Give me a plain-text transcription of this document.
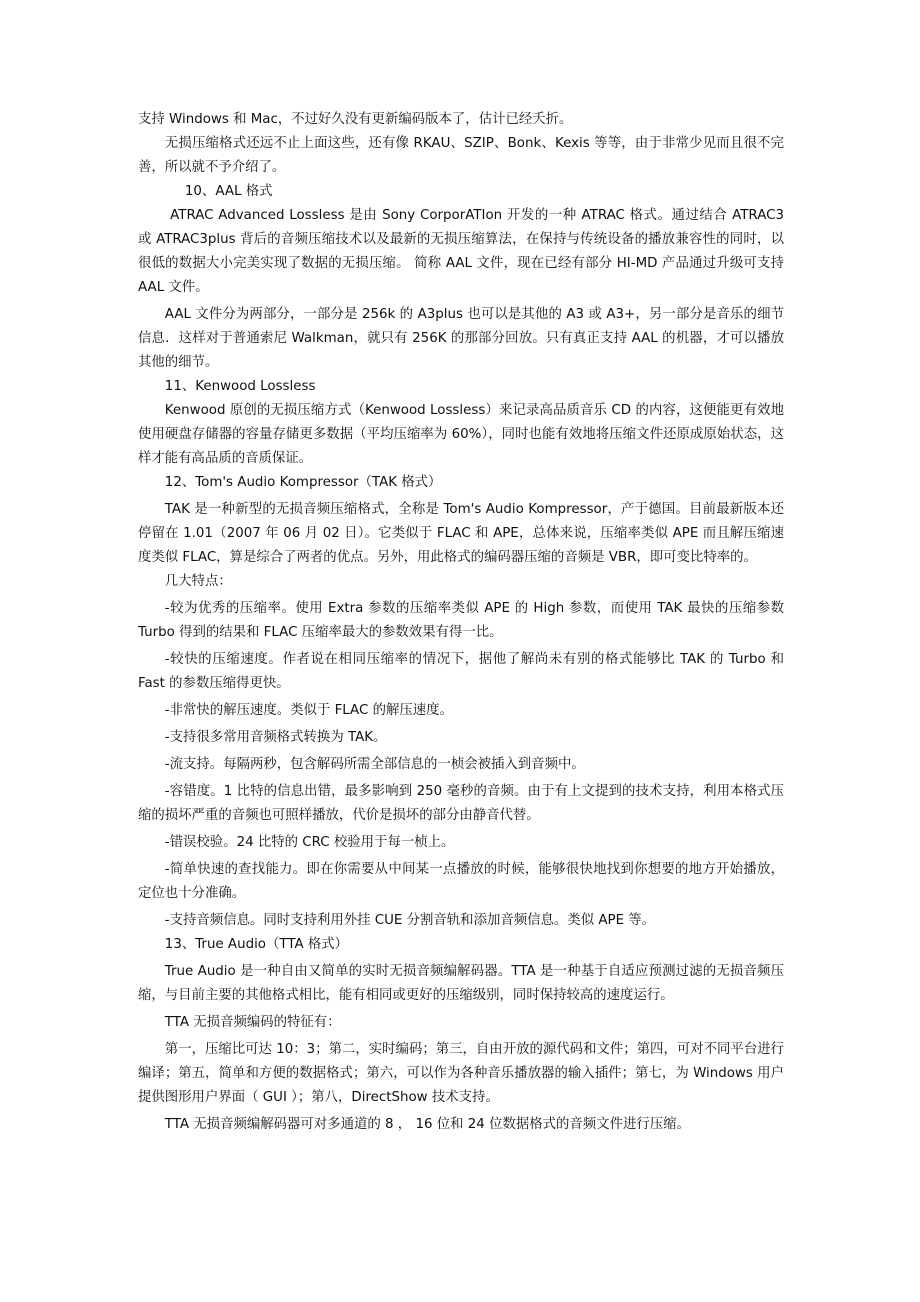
支持 Windows 和 Mac，不过好久没有更新编码版本了，估计已经夭折。

无损压缩格式还远不止上面这些，还有像 RKAU、SZIP、Bonk、Kexis 等等，由于非常少见而且很不完善，所以就不予介绍了。

10、AAL 格式

ATRAC Advanced Lossless 是由 Sony CorporATIon 开发的一种 ATRAC 格式。通过结合 ATRAC3 或 ATRAC3plus 背后的音频压缩技术以及最新的无损压缩算法，在保持与传统设备的播放兼容性的同时，以很低的数据大小完美实现了数据的无损压缩。 简称 AAL 文件，现在已经有部分 HI-MD 产品通过升级可支持 AAL 文件。

AAL 文件分为两部分，一部分是 256k 的 A3plus 也可以是其他的 A3 或 A3+，另一部分是音乐的细节信息．这样对于普通索尼 Walkman，就只有 256K 的那部分回放。只有真正支持 AAL 的机器，才可以播放其他的细节。

11、Kenwood Lossless

Kenwood 原创的无损压缩方式（Kenwood Lossless）来记录高品质音乐 CD 的内容，这便能更有效地使用硬盘存储器的容量存储更多数据（平均压缩率为 60%），同时也能有效地将压缩文件还原成原始状态，这样才能有高品质的音质保证。

12、Tom's Audio Kompressor（TAK 格式）

TAK 是一种新型的无损音频压缩格式，全称是 Tom's Audio Kompressor，产于德国。目前最新版本还停留在 1.01（2007 年 06 月 02 日）。它类似于 FLAC 和 APE，总体来说，压缩率类似 APE 而且解压缩速度类似 FLAC，算是综合了两者的优点。另外，用此格式的编码器压缩的音频是 VBR，即可变比特率的。

几大特点：

-较为优秀的压缩率。使用 Extra 参数的压缩率类似 APE 的 High 参数，而使用 TAK 最快的压缩参数 Turbo 得到的结果和 FLAC 压缩率最大的参数效果有得一比。

-较快的压缩速度。作者说在相同压缩率的情况下，据他了解尚未有别的格式能够比 TAK 的 Turbo 和 Fast 的参数压缩得更快。

-非常快的解压速度。类似于 FLAC 的解压速度。

-支持很多常用音频格式转换为 TAK。

-流支持。每隔两秒，包含解码所需全部信息的一桢会被插入到音频中。

-容错度。1 比特的信息出错，最多影响到 250 毫秒的音频。由于有上文提到的技术支持，利用本格式压缩的损坏严重的音频也可照样播放，代价是损坏的部分由静音代替。

-错误校验。24 比特的 CRC 校验用于每一桢上。

-简单快速的查找能力。即在你需要从中间某一点播放的时候，能够很快地找到你想要的地方开始播放，定位也十分准确。

-支持音频信息。同时支持利用外挂 CUE 分割音轨和添加音频信息。类似 APE 等。

13、True Audio（TTA 格式）

True Audio 是一种自由又简单的实时无损音频编解码器。TTA 是一种基于自适应预测过滤的无损音频压缩，与目前主要的其他格式相比，能有相同或更好的压缩级别，同时保持较高的速度运行。

TTA 无损音频编码的特征有：

第一，压缩比可达 10：3；第二，实时编码；第三，自由开放的源代码和文件；第四，可对不同平台进行编译；第五，简单和方便的数据格式；第六，可以作为各种音乐播放器的输入插件；第七，为 Windows 用户提供图形用户界面（ GUI ）；第八，DirectShow 技术支持。

TTA 无损音频编解码器可对多通道的 8 ， 16 位和 24 位数据格式的音频文件进行压缩。
